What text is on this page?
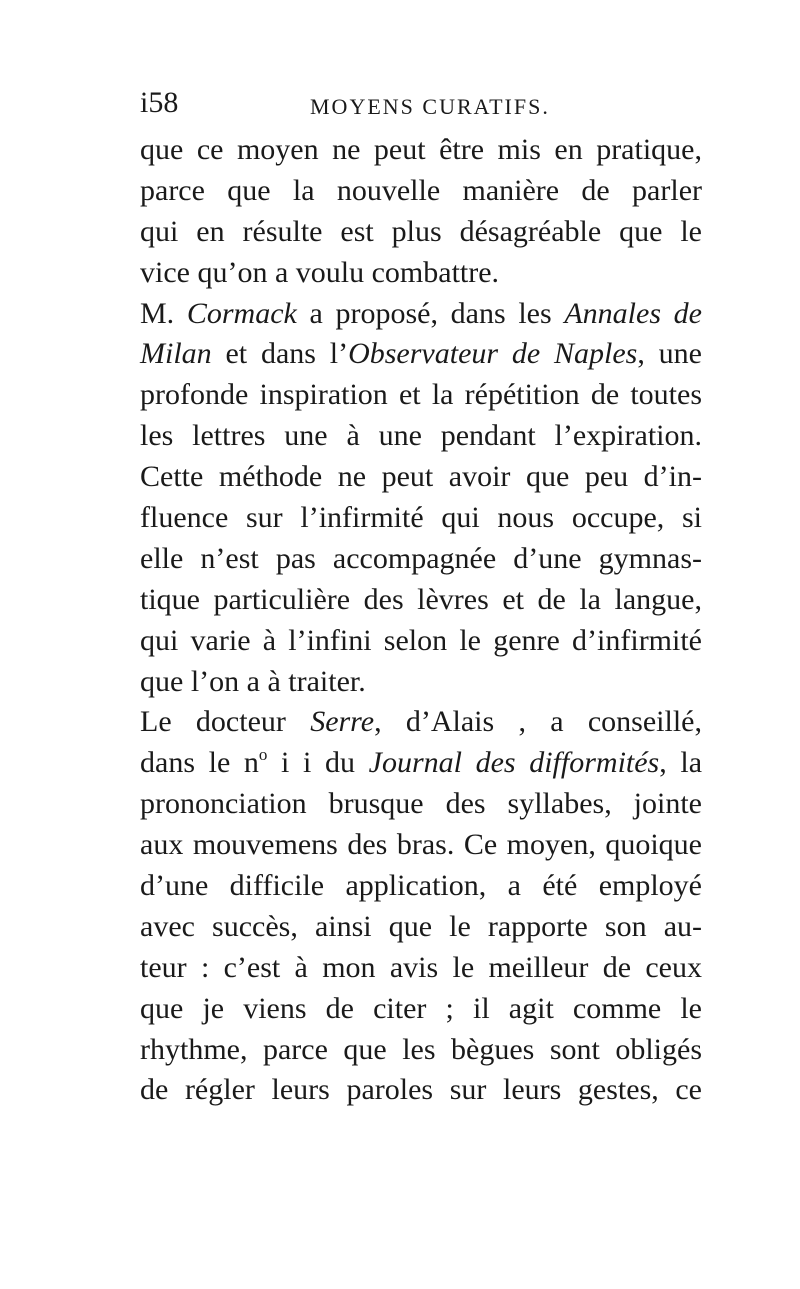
i58	MOYENS CURATIFS.
que ce moyen ne peut être mis en pratique,
parce que la nouvelle manière de parler
qui en résulte est plus désagréable que le
vice qu’on a voulu combattre.
M. Cormack a proposé, dans les Annales de
Milan et dans l’Observateur de Naples, une
profonde inspiration et la répétition de toutes
les lettres une à une pendant l’expiration.
Cette méthode ne peut avoir que peu d’in-
fluence sur l’infirmité qui nous occupe, si
elle n’est pas accompagnée d’une gymnas-
tique particulière des lèvres et de la langue,
qui varie à l’infini selon le genre d’infirmité
que l’on a à traiter.
Le docteur Serre, d’Alais , a conseillé,
dans le $n^o$ i i du Journal des difformités, la
prononciation brusque des syllabes, jointe
aux mouvemens des bras. Ce moyen, quoique
d’une difficile application, a été employé
avec succès, ainsi que le rapporte son au-
teur : c’est à mon avis le meilleur de ceux
que je viens de citer ; il agit comme le
rhythme, parce que les bègues sont obligés
de régler leurs paroles sur leurs gestes, ce
